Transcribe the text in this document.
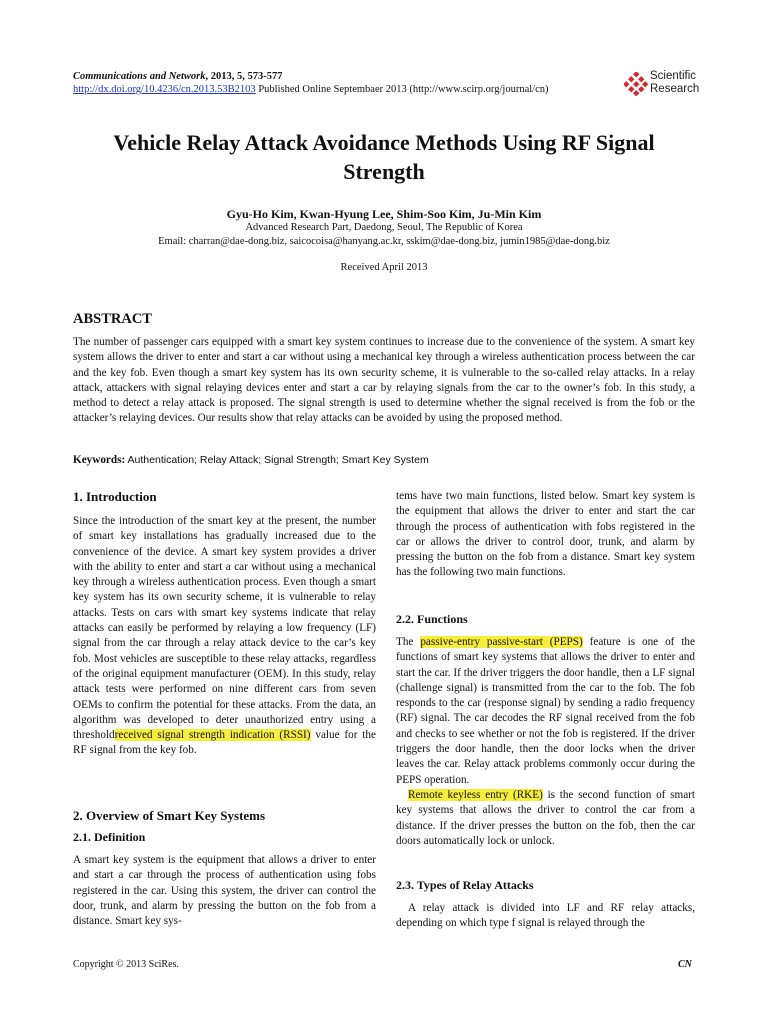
Communications and Network, 2013, 5, 573-577
http://dx.doi.org/10.4236/cn.2013.53B2103 Published Online Septembaer 2013 (http://www.scirp.org/journal/cn)
Scientific
Research
Vehicle Relay Attack Avoidance Methods Using RF Signal
Strength
Gyu-Ho Kim, Kwan-Hyung Lee, Shim-Soo Kim, Ju-Min Kim
Advanced Research Part, Daedong, Seoul, The Republic of Korea
Email: charran@dae-dong.biz, saicocoisa@hanyang.ac.kr, sskim@dae-dong.biz, jumin1985@dae-dong.biz
Received April 2013
ABSTRACT
The number of passenger cars equipped with a smart key system continues to increase due to the convenience of the system. A smart key system allows the driver to enter and start a car without using a mechanical key through a wireless authentication process between the car and the key fob. Even though a smart key system has its own security scheme, it is vulnerable to the so-called relay attacks. In a relay attack, attackers with signal relaying devices enter and start a car by relaying signals from the car to the owner’s fob. In this study, a method to detect a relay attack is proposed. The signal strength is used to determine whether the signal received is from the fob or the attacker’s relaying devices. Our results show that relay attacks can be avoided by using the proposed method.
Keywords: Authentication; Relay Attack; Signal Strength; Smart Key System
1. Introduction
Since the introduction of the smart key at the present, the number of smart key installations has gradually increased due to the convenience of the device. A smart key system provides a driver with the ability to enter and start a car without using a mechanical key through a wireless authentication process. Even though a smart key system has its own security scheme, it is vulnerable to relay attacks. Tests on cars with smart key systems indicate that relay attacks can easily be performed by relaying a low frequency (LF) signal from the car through a relay attack device to the car’s key fob. Most vehicles are susceptible to these relay attacks, regardless of the original equipment manufacturer (OEM). In this study, relay attack tests were performed on nine different cars from seven OEMs to confirm the potential for these attacks. From the data, an algorithm was developed to deter unauthorized entry using a thresholdreceived signal strength indication (RSSI) value for the RF signal from the key fob.
2. Overview of Smart Key Systems
2.1. Definition
A smart key system is the equipment that allows a driver to enter and start a car through the process of authentication using fobs registered in the car. Using this system, the driver can control the door, trunk, and alarm by pressing the button on the fob from a distance. Smart key sys-
tems have two main functions, listed below. Smart key system is the equipment that allows the driver to enter and start the car through the process of authentication with fobs registered in the car or allows the driver to control door, trunk, and alarm by pressing the button on the fob from a distance. Smart key system has the following two main functions.
2.2. Functions
The passive-entry passive-start (PEPS) feature is one of the functions of smart key systems that allows the driver to enter and start the car. If the driver triggers the door handle, then a LF signal (challenge signal) is transmitted from the car to the fob. The fob responds to the car (response signal) by sending a radio frequency (RF) signal. The car decodes the RF signal received from the fob and checks to see whether or not the fob is registered. If the driver triggers the door handle, then the door locks when the driver leaves the car. Relay attack problems commonly occur during the PEPS operation.
Remote keyless entry (RKE) is the second function of smart key systems that allows the driver to control the car from a distance. If the driver presses the button on the fob, then the car doors automatically lock or unlock.
2.3. Types of Relay Attacks
A relay attack is divided into LF and RF relay attacks, depending on which type f signal is relayed through the
Copyright © 2013 SciRes.	CN
